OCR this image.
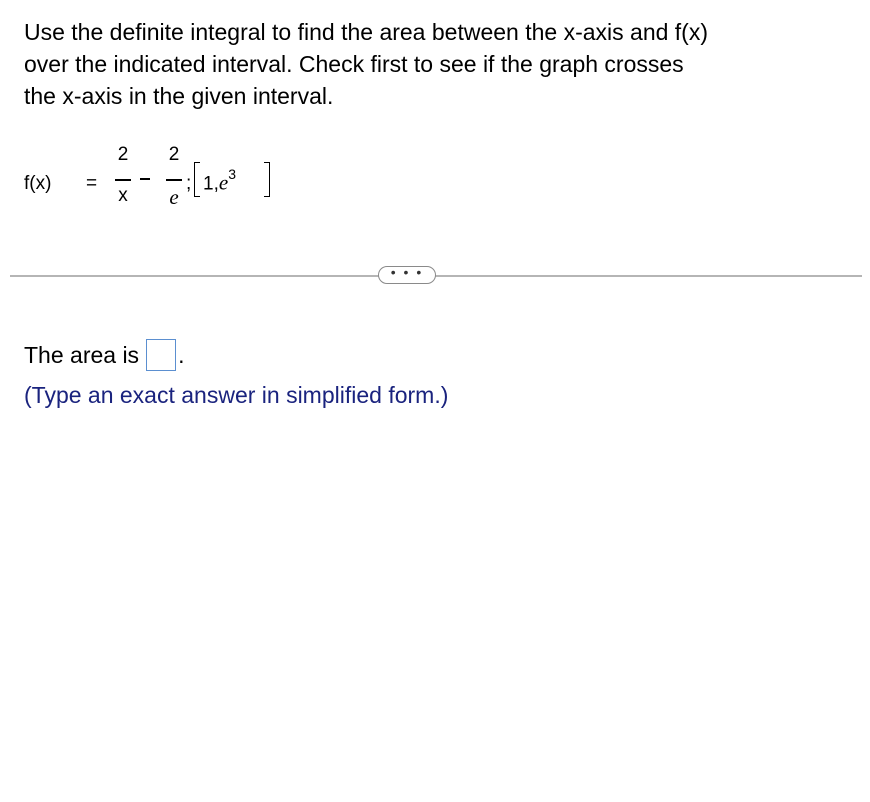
Use the definite integral to find the area between the x-axis and f(x)
over the indicated interval. Check first to see if the graph crosses
the x-axis in the given interval.
f(x) =
2
x
2
e
; $1,e^3$
• • •
The area is .
(Type an exact answer in simplified form.)
